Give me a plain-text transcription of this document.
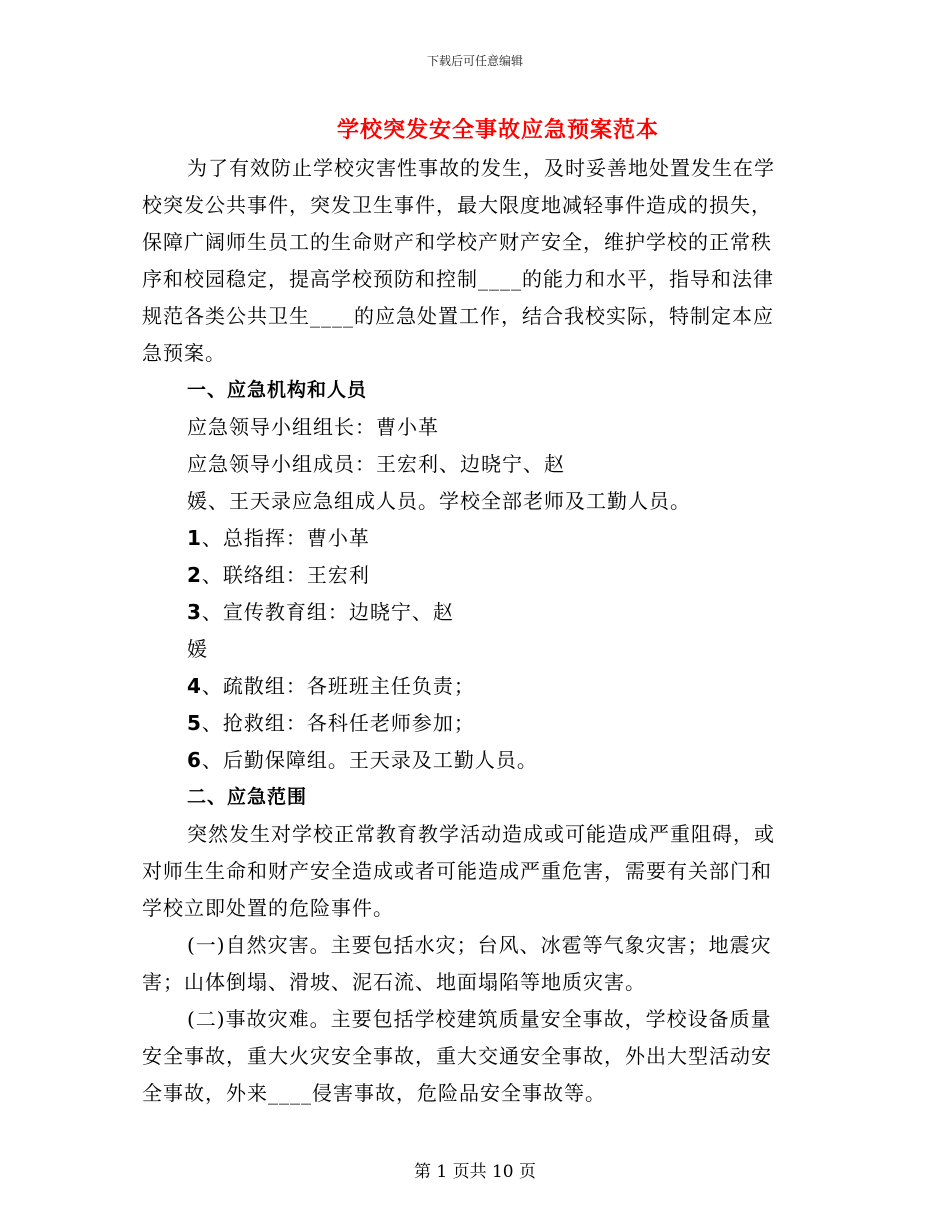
下载后可任意编辑
学校突发安全事故应急预案范本
为了有效防止学校灾害性事故的发生，及时妥善地处置发生在学
校突发公共事件，突发卫生事件，最大限度地减轻事件造成的损失，
保障广阔师生员工的生命财产和学校产财产安全，维护学校的正常秩
序和校园稳定，提高学校预防和控制____的能力和水平，指导和法律
规范各类公共卫生____的应急处置工作，结合我校实际，特制定本应
急预案。
一、应急机构和人员
应急领导小组组长：曹小革
应急领导小组成员：王宏利、边晓宁、赵
媛、王天录应急组成人员。学校全部老师及工勤人员。
1、总指挥：曹小革
2、联络组：王宏利
3、宣传教育组：边晓宁、赵
媛
4、疏散组：各班班主任负责；
5、抢救组：各科任老师参加；
6、后勤保障组。王天录及工勤人员。
二、应急范围
突然发生对学校正常教育教学活动造成或可能造成严重阻碍，或
对师生生命和财产安全造成或者可能造成严重危害，需要有关部门和
学校立即处置的危险事件。
(一)自然灾害。主要包括水灾；台风、冰雹等气象灾害；地震灾
害；山体倒塌、滑坡、泥石流、地面塌陷等地质灾害。
(二)事故灾难。主要包括学校建筑质量安全事故，学校设备质量
安全事故，重大火灾安全事故，重大交通安全事故，外出大型活动安
全事故，外来____侵害事故，危险品安全事故等。
第 1 页共 10 页
